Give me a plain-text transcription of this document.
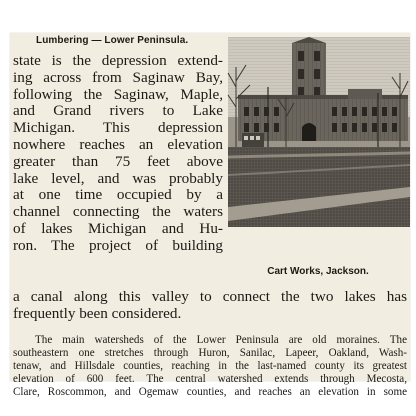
Lumbering — Lower Peninsula.
state is the depression extend-
ing across from Saginaw Bay,
following the Saginaw, Maple,
and Grand rivers to Lake
Michigan. This depression
nowhere reaches an elevation
greater than 75 feet above
lake level, and was probably
at one time occupied by a
channel connecting the waters
of lakes Michigan and Hu-
ron. The project of building
Cart Works, Jackson.
a canal along this valley to connect the two lakes has
frequently been considered.
The main watersheds of the Lower Peninsula are old moraines. The
southeastern one stretches through Huron, Sanilac, Lapeer, Oakland, Wash-
tenaw, and Hillsdale counties, reaching in the last-named county its greatest
elevation of 600 feet. The central watershed extends through Mecosta,
Clare, Roscommon, and Ogemaw counties, and reaches an elevation in some
